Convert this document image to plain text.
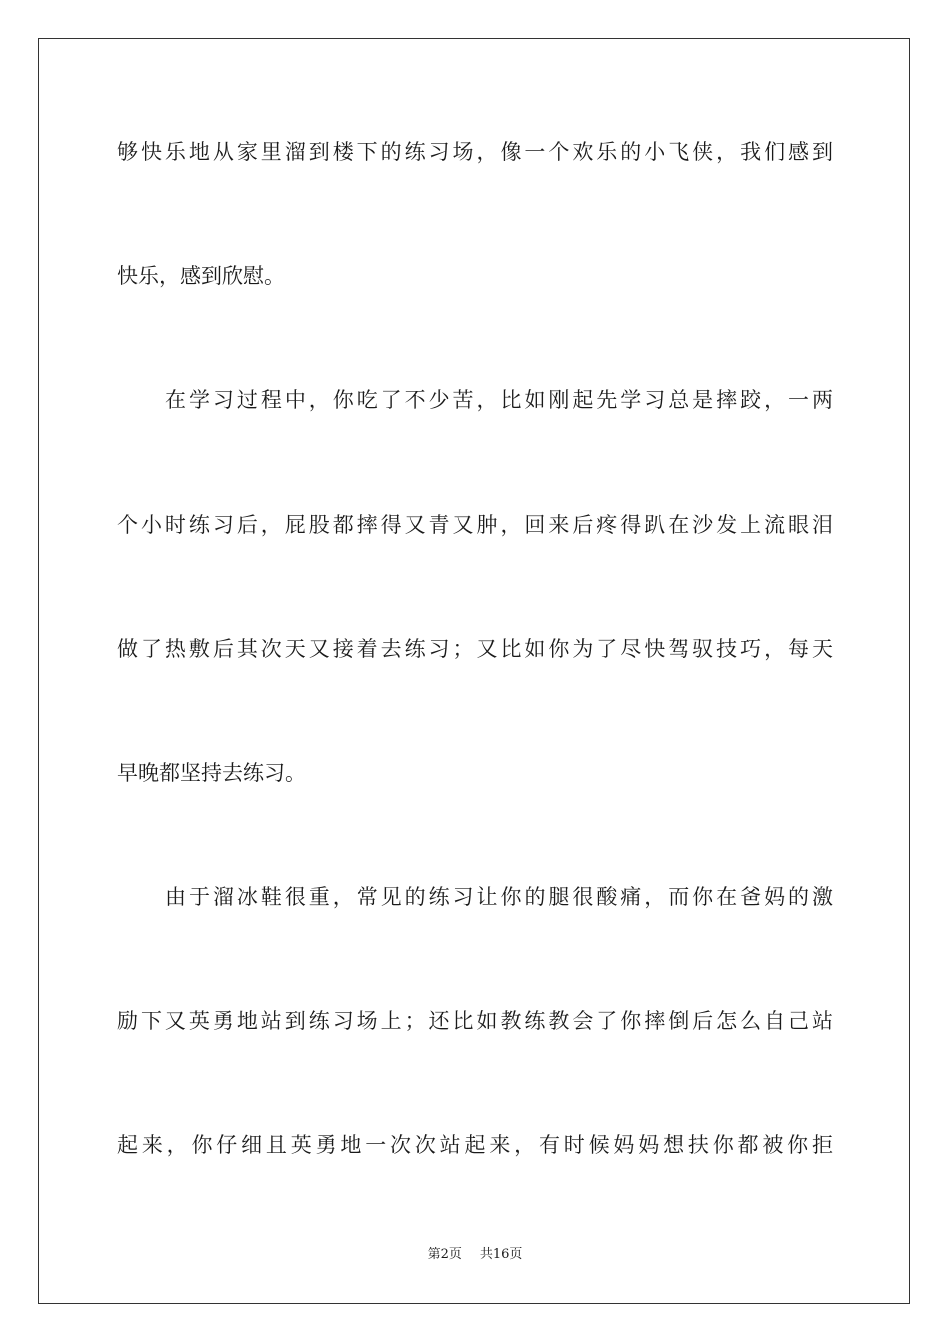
够快乐地从家里溜到楼下的练习场，像一个欢乐的小飞侠，我们感到
快乐，感到欣慰。
在学习过程中，你吃了不少苦，比如刚起先学习总是摔跤，一两
个小时练习后，屁股都摔得又青又肿，回来后疼得趴在沙发上流眼泪
做了热敷后其次天又接着去练习；又比如你为了尽快驾驭技巧，每天
早晚都坚持去练习。
由于溜冰鞋很重，常见的练习让你的腿很酸痛，而你在爸妈的激
励下又英勇地站到练习场上；还比如教练教会了你摔倒后怎么自己站
起来，你仔细且英勇地一次次站起来，有时候妈妈想扶你都被你拒
第2页 共16页
